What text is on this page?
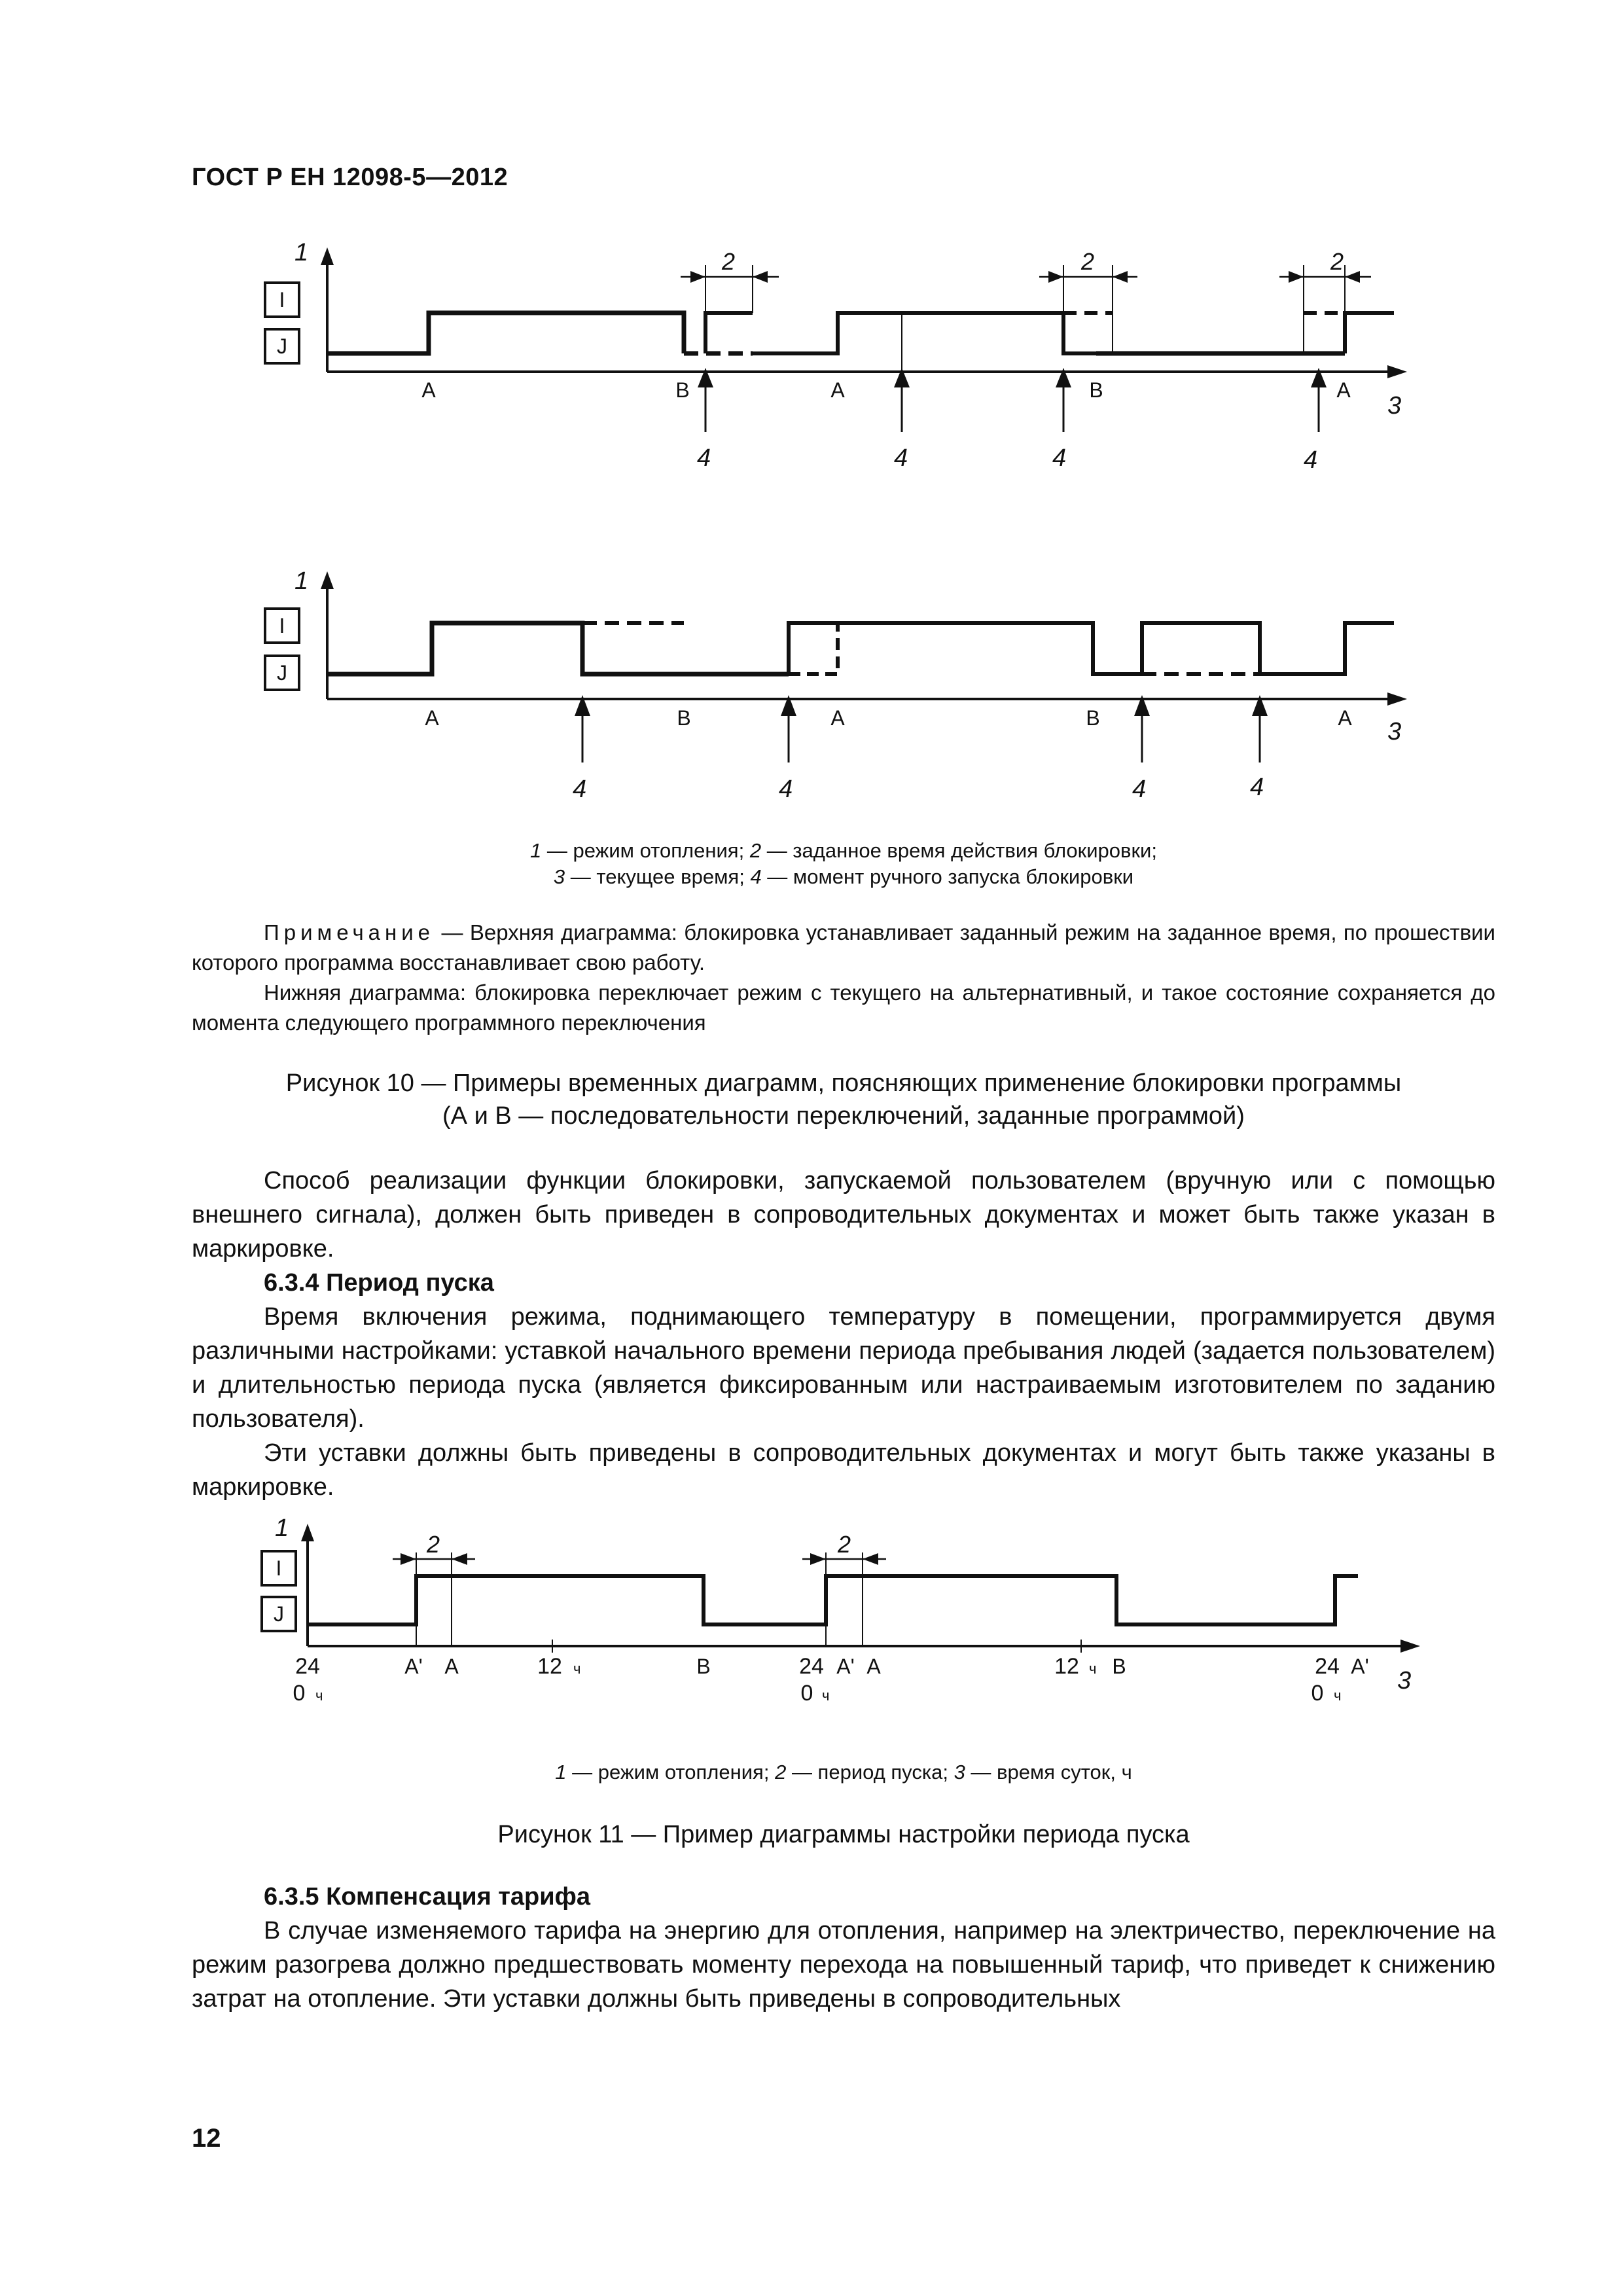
ГОСТ Р ЕН 12098-5—2012
1
3
I
J
2	2	2
A	B	A	B	A
4	4	4	4
1
3
I
J
A	B	A	B	A
4	4	4	4
1 — режим отопления; 2 — заданное время действия блокировки;
3 — текущее время; 4 — момент ручного запуска блокировки

Примечание — Верхняя диаграмма: блокировка устанавливает заданный режим на заданное время, по прошествии которого программа восстанавливает свою работу.

Нижняя диаграмма: блокировка переключает режим с текущего на альтернативный, и такое состояние сохраняется до момента следующего программного переключения

Рисунок 10 — Примеры временных диаграмм, поясняющих применение блокировки программы
(А и В — последовательности переключений, заданные программой)

Способ реализации функции блокировки, запускаемой пользователем (вручную или с помощью внешнего сигнала), должен быть приведен в сопроводительных документах и может быть также указан в маркировке.

6.3.4 Период пуска

Время включения режима, поднимающего температуру в помещении, программируется двумя различными настройками: уставкой начального времени периода пребывания людей (задается пользователем) и длительностью периода пуска (является фиксированным или настраиваемым изготовителем по заданию пользователя).

Эти уставки должны быть приведены в сопроводительных документах и могут быть также указаны в маркировке.

1
3
I
J
2	2
24
0 ч
A' A	12 ч	B	24 A' A
0 ч
12 ч B	24 A'
0 ч
1 — режим отопления; 2 — период пуска; 3 — время суток, ч
Рисунок 11 — Пример диаграммы настройки периода пуска

6.3.5 Компенсация тарифа

В случае изменяемого тарифа на энергию для отопления, например на электричество, переключение на режим разогрева должно предшествовать моменту перехода на повышенный тариф, что приведет к снижению затрат на отопление. Эти уставки должны быть приведены в сопроводительных

12
